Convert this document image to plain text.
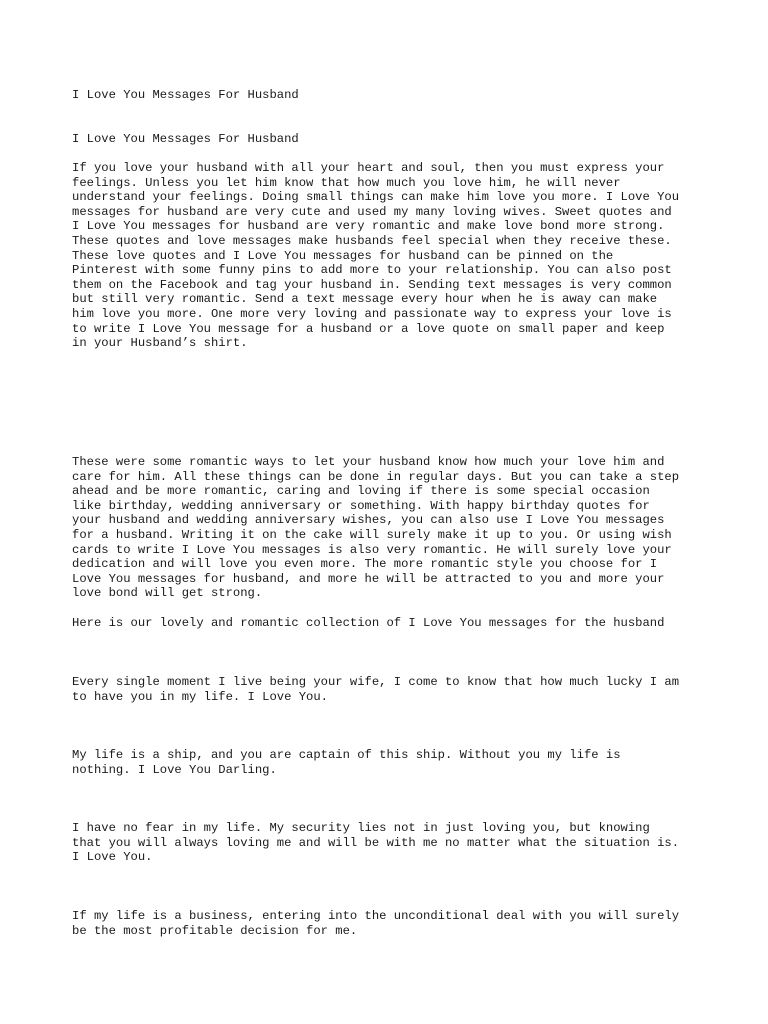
I Love You Messages For Husband

I Love You Messages For Husband

If you love your husband with all your heart and soul, then you must express your
feelings. Unless you let him know that how much you love him, he will never
understand your feelings. Doing small things can make him love you more. I Love You
messages for husband are very cute and used my many loving wives. Sweet quotes and
I Love You messages for husband are very romantic and make love bond more strong.
These quotes and love messages make husbands feel special when they receive these.
These love quotes and I Love You messages for husband can be pinned on the
Pinterest with some funny pins to add more to your relationship. You can also post
them on the Facebook and tag your husband in. Sending text messages is very common
but still very romantic. Send a text message every hour when he is away can make
him love you more. One more very loving and passionate way to express your love is
to write I Love You message for a husband or a love quote on small paper and keep
in your Husband’s shirt.

These were some romantic ways to let your husband know how much your love him and
care for him. All these things can be done in regular days. But you can take a step
ahead and be more romantic, caring and loving if there is some special occasion
like birthday, wedding anniversary or something. With happy birthday quotes for
your husband and wedding anniversary wishes, you can also use I Love You messages
for a husband. Writing it on the cake will surely make it up to you. Or using wish
cards to write I Love You messages is also very romantic. He will surely love your
dedication and will love you even more. The more romantic style you choose for I
Love You messages for husband, and more he will be attracted to you and more your
love bond will get strong.

Here is our lovely and romantic collection of I Love You messages for the husband

Every single moment I live being your wife, I come to know that how much lucky I am
to have you in my life. I Love You.

My life is a ship, and you are captain of this ship. Without you my life is
nothing. I Love You Darling.

I have no fear in my life. My security lies not in just loving you, but knowing
that you will always loving me and will be with me no matter what the situation is.
I Love You.

If my life is a business, entering into the unconditional deal with you will surely
be the most profitable decision for me.
